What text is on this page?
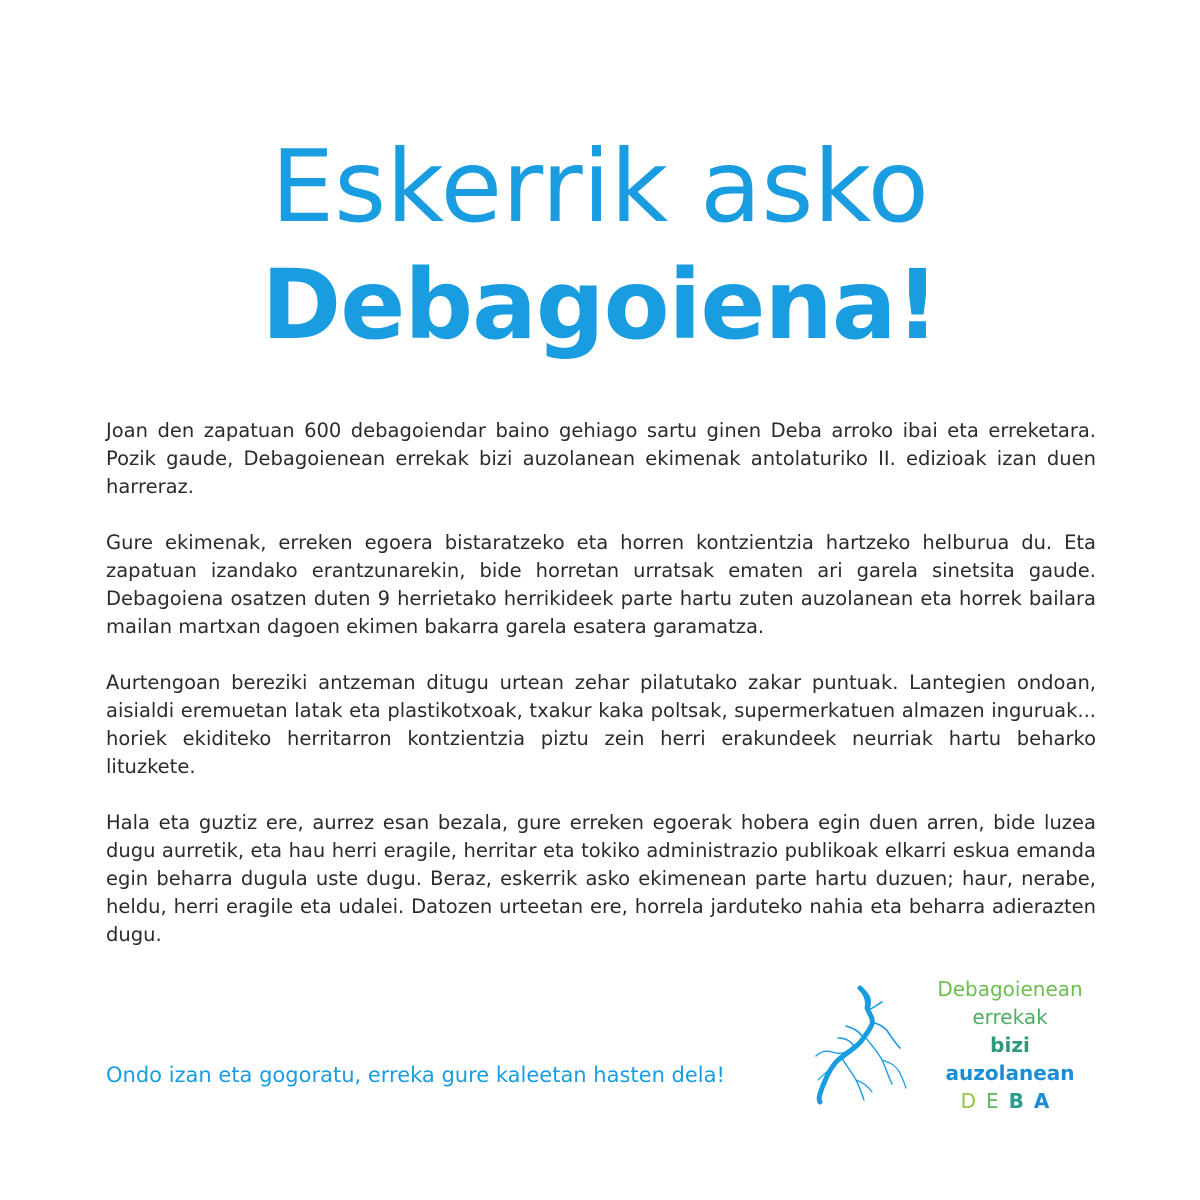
Eskerrik asko
Debagoiena!

Joan den zapatuan 600 debagoiendar baino gehiago sartu ginen Deba arroko ibai eta erreketara. Pozik gaude, Debagoienean errekak bizi auzolanean ekimenak antolaturiko II. edizioak izan duen harreraz.

Gure ekimenak, erreken egoera bistaratzeko eta horren kontzientzia hartzeko helburua du. Eta zapatuan izandako erantzunarekin, bide horretan urratsak ematen ari garela sinetsita gaude. Debagoiena osatzen duten 9 herrietako herrikideek parte hartu zuten auzolanean eta horrek bailara mailan martxan dagoen ekimen bakarra garela esatera garamatza.

Aurtengoan bereziki antzeman ditugu urtean zehar pilatutako zakar puntuak. Lantegien ondoan, aisialdi eremuetan latak eta plastikotxoak, txakur kaka poltsak, supermerkatuen almazen inguruak... horiek ekiditeko herritarron kontzientzia piztu zein herri erakundeek neurriak hartu beharko lituzkete.

Hala eta guztiz ere, aurrez esan bezala, gure erreken egoerak hobera egin duen arren, bide luzea dugu aurretik, eta hau herri eragile, herritar eta tokiko administrazio publikoak elkarri eskua emanda egin beharra dugula uste dugu. Beraz, eskerrik asko ekimenean parte hartu duzuen; haur, nerabe, heldu, herri eragile eta udalei. Datozen urteetan ere, horrela jarduteko nahia eta beharra adierazten dugu.

Ondo izan eta gogoratu, erreka gure kaleetan hasten dela!
Debagoienean
errekak
bizi
auzolanean
DEBA
